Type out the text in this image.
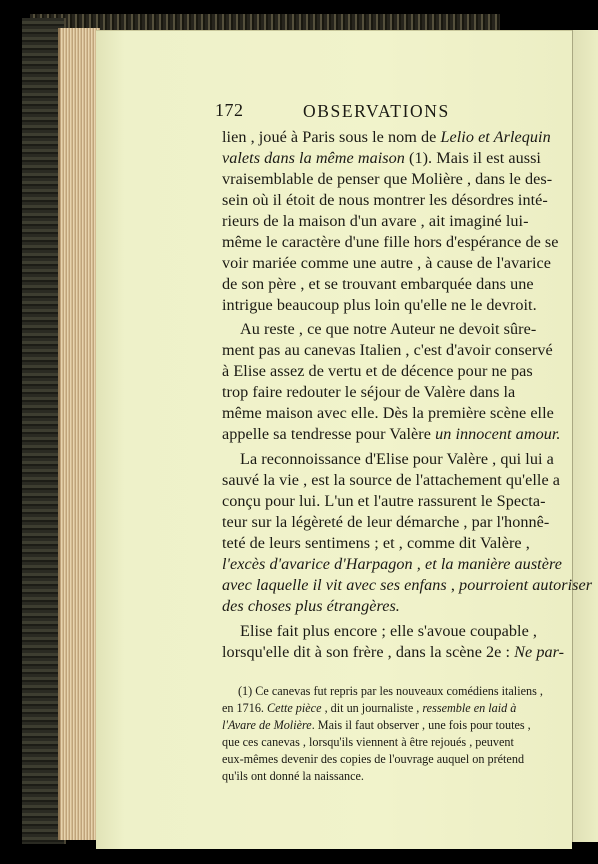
172	OBSERVATIONS
lien , joué à Paris sous le nom de Lelio et Arlequin
valets dans la même maison (1). Mais il est aussi
vraisemblable de penser que Molière , dans le des-
sein où il étoit de nous montrer les désordres inté-
rieurs de la maison d'un avare , ait imaginé lui-
même le caractère d'une fille hors d'espérance de se
voir mariée comme une autre , à cause de l'avarice
de son père , et se trouvant embarquée dans une
intrigue beaucoup plus loin qu'elle ne le devroit.
Au reste , ce que notre Auteur ne devoit sûre-
ment pas au canevas Italien , c'est d'avoir conservé
à Elise assez de vertu et de décence pour ne pas
trop faire redouter le séjour de Valère dans la
même maison avec elle. Dès la première scène elle
appelle sa tendresse pour Valère un innocent amour.
La reconnoissance d'Elise pour Valère , qui lui a
sauvé la vie , est la source de l'attachement qu'elle a
conçu pour lui. L'un et l'autre rassurent le Specta-
teur sur la légèreté de leur démarche , par l'honnê-
teté de leurs sentimens ; et , comme dit Valère ,
l'excès d'avarice d'Harpagon , et la manière austère
avec laquelle il vit avec ses enfans , pourroient autoriser
des choses plus étrangères.
Elise fait plus encore ; elle s'avoue coupable ,
lorsqu'elle dit à son frère , dans la scène 2e : Ne par-
(1) Ce canevas fut repris par les nouveaux comédiens italiens ,
en 1716. Cette pièce , dit un journaliste , ressemble en laid à
l'Avare de Molière. Mais il faut observer , une fois pour toutes ,
que ces canevas , lorsqu'ils viennent à être rejoués , peuvent
eux-mêmes devenir des copies de l'ouvrage auquel on prétend
qu'ils ont donné la naissance.
